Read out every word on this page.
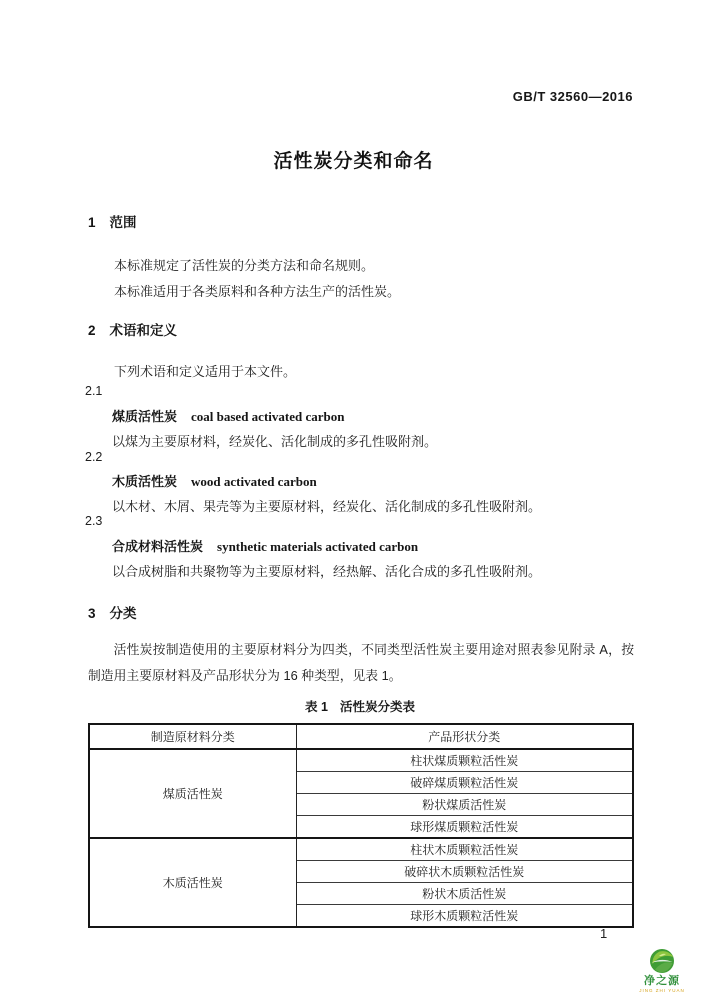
GB/T 32560—2016
活性炭分类和命名
1 范围
本标准规定了活性炭的分类方法和命名规则。
本标准适用于各类原料和各种方法生产的活性炭。
2 术语和定义
下列术语和定义适用于本文件。
2.1
煤质活性炭 coal based activated carbon
以煤为主要原材料，经炭化、活化制成的多孔性吸附剂。
2.2
木质活性炭 wood activated carbon
以木材、木屑、果壳等为主要原材料，经炭化、活化制成的多孔性吸附剂。
2.3
合成材料活性炭 synthetic materials activated carbon
以合成树脂和共聚物等为主要原材料，经热解、活化合成的多孔性吸附剂。
3 分类
活性炭按制造使用的主要原材料分为四类，不同类型活性炭主要用途对照表参见附录 A，按制造用主要原材料及产品形状分为 16 种类型，见表 1。
表 1 活性炭分类表
制造原材料分类	产品形状分类
煤质活性炭	柱状煤质颗粒活性炭
	破碎煤质颗粒活性炭
	粉状煤质活性炭
	球形煤质颗粒活性炭
木质活性炭	柱状木质颗粒活性炭
	破碎状木质颗粒活性炭
	粉状木质活性炭
	球形木质颗粒活性炭
1
净之源
JING ZHI YUAN
